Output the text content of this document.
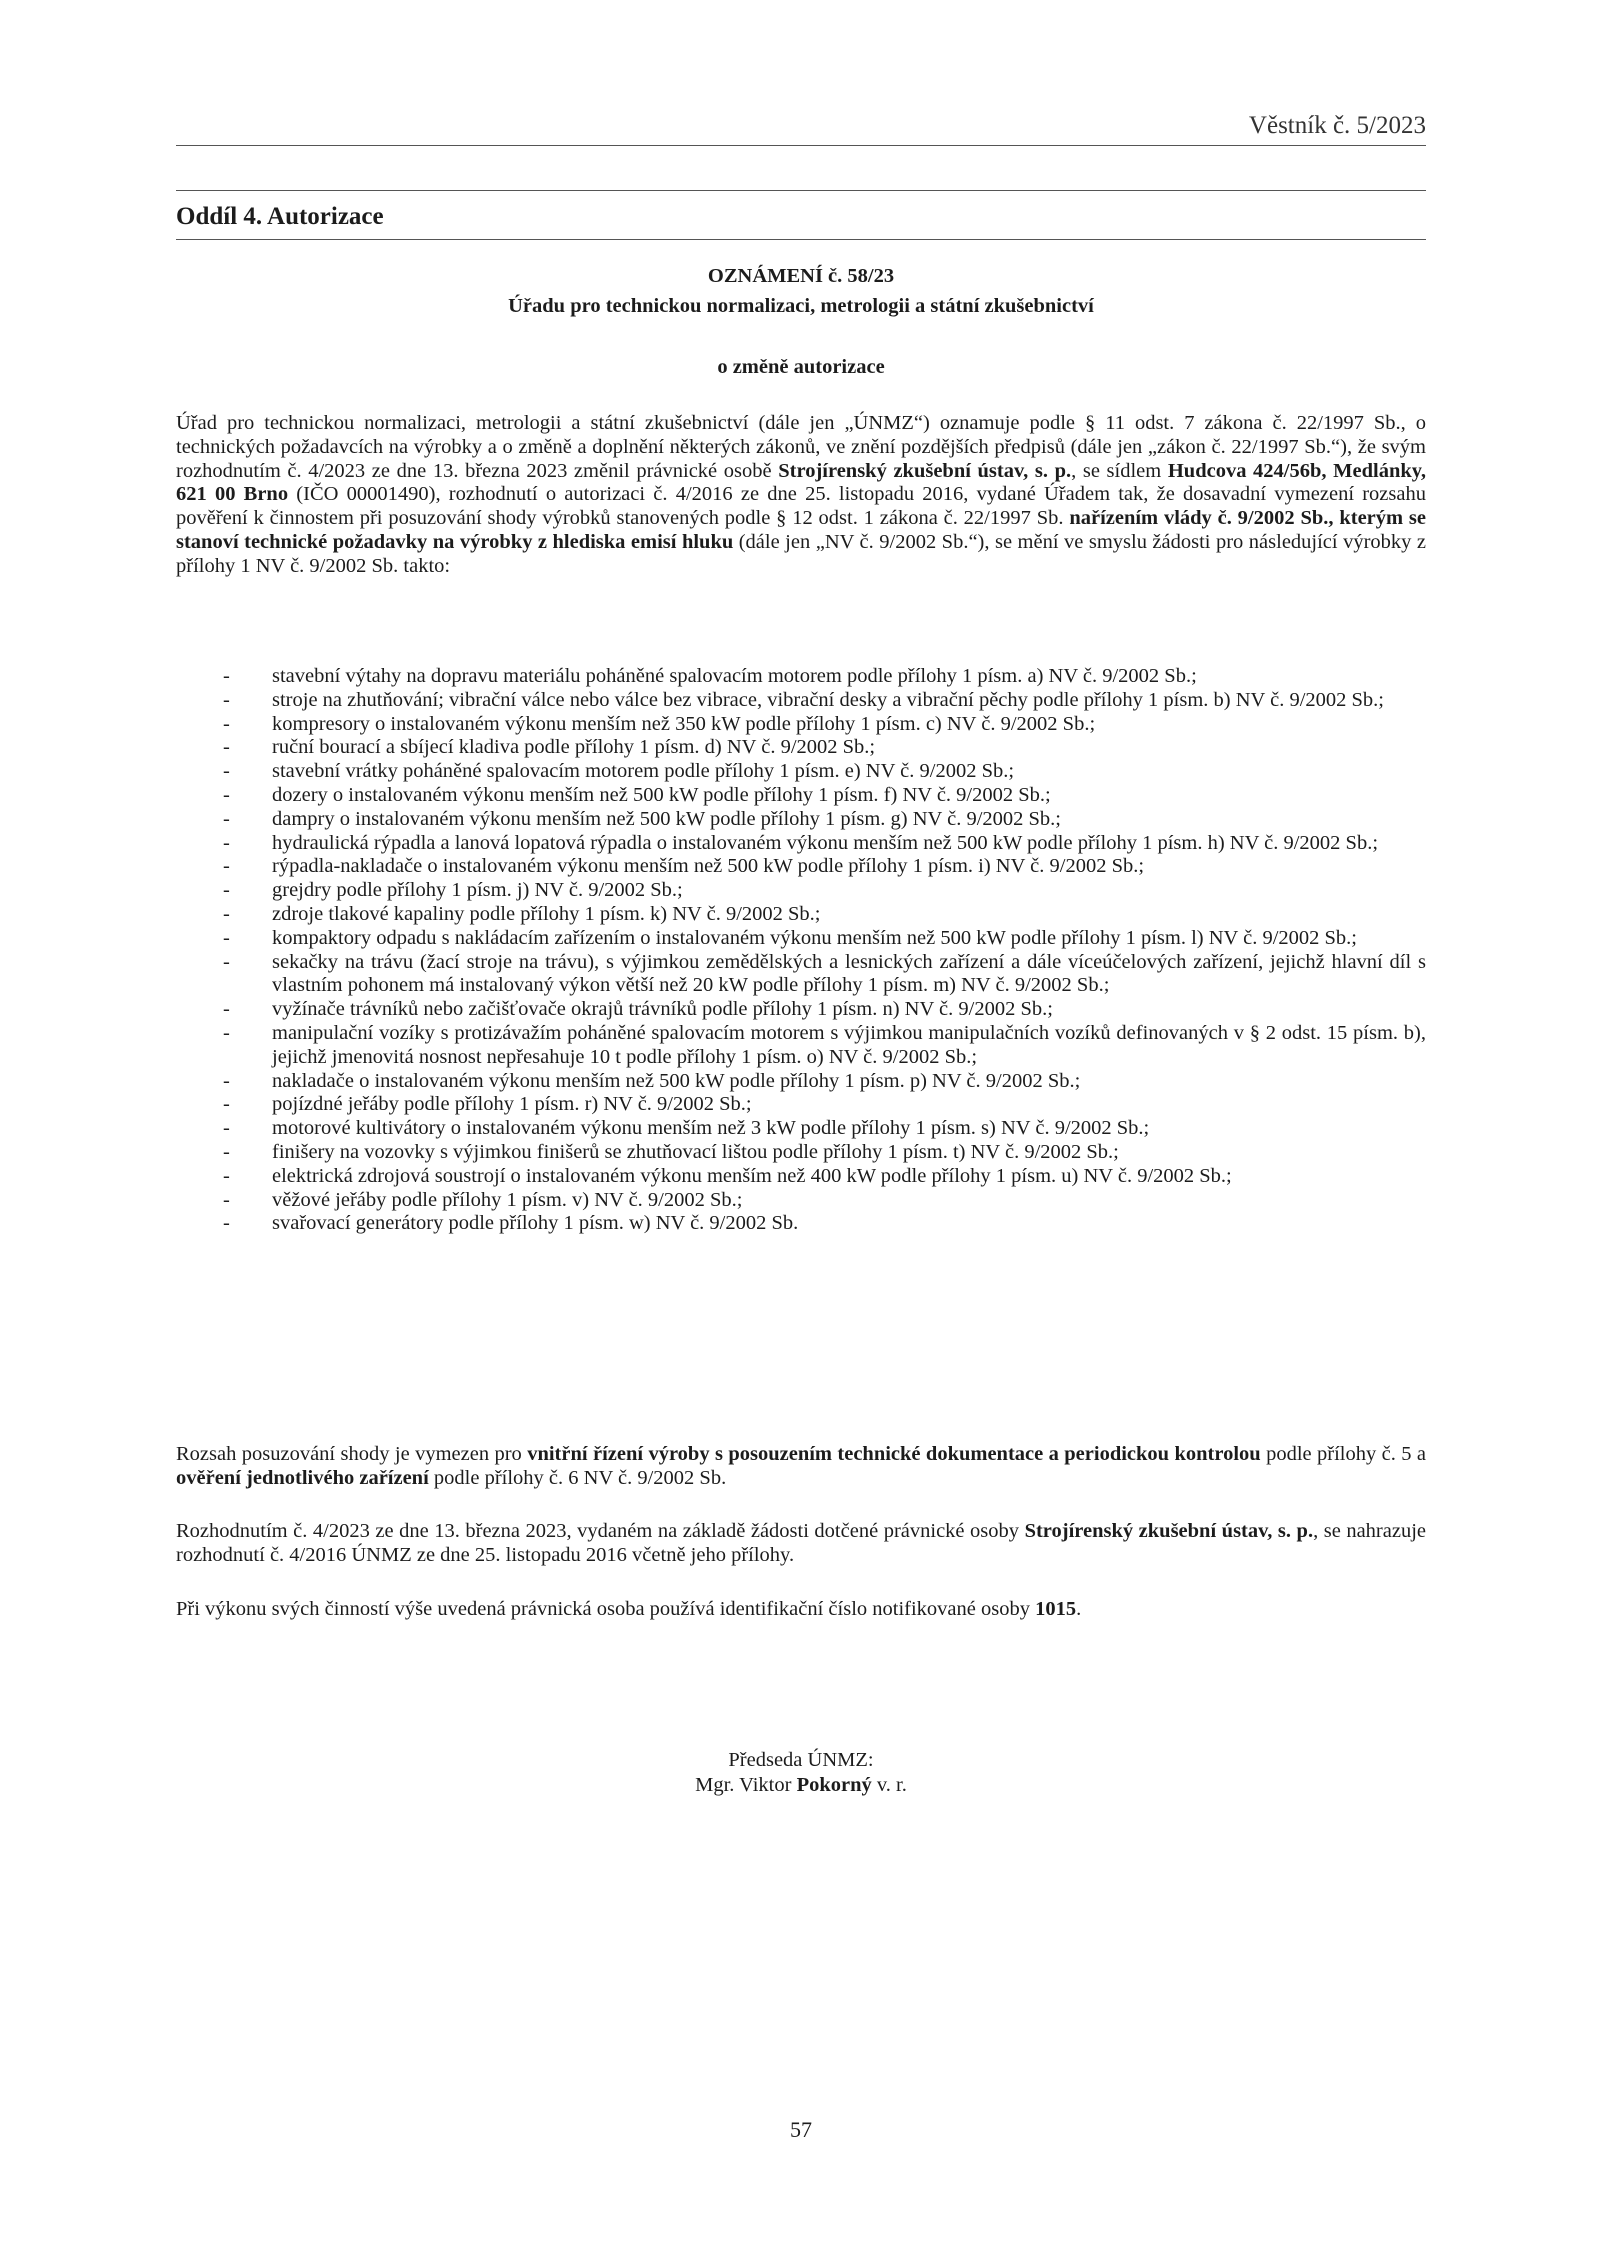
Věstník č. 5/2023
Oddíl 4. Autorizace
OZNÁMENÍ č. 58/23
Úřadu pro technickou normalizaci, metrologii a státní zkušebnictví
o změně autorizace

Úřad pro technickou normalizaci, metrologii a státní zkušebnictví (dále jen „ÚNMZ“) oznamuje podle § 11 odst. 7 zákona č. 22/1997 Sb., o technických požadavcích na výrobky a o změně a doplnění některých zákonů, ve znění pozdějších předpisů (dále jen „zákon č. 22/1997 Sb.“), že svým rozhodnutím č. 4/2023 ze dne 13. března 2023 změnil právnické osobě Strojírenský zkušební ústav, s. p., se sídlem Hudcova 424/56b, Medlánky, 621 00 Brno (IČO 00001490), rozhodnutí o autorizaci č. 4/2016 ze dne 25. listopadu 2016, vydané Úřadem tak, že dosavadní vymezení rozsahu pověření k činnostem při posuzování shody výrobků stanovených podle § 12 odst. 1 zákona č. 22/1997 Sb. nařízením vlády č. 9/2002 Sb., kterým se stanoví technické požadavky na výrobky z hlediska emisí hluku (dále jen „NV č. 9/2002 Sb.“), se mění ve smyslu žádosti pro následující výrobky z přílohy 1 NV č. 9/2002 Sb. takto:

- stavební výtahy na dopravu materiálu poháněné spalovacím motorem podle přílohy 1 písm. a) NV č. 9/2002 Sb.;
- stroje na zhutňování; vibrační válce nebo válce bez vibrace, vibrační desky a vibrační pěchy podle přílohy 1 písm. b) NV č. 9/2002 Sb.;
- kompresory o instalovaném výkonu menším než 350 kW podle přílohy 1 písm. c) NV č. 9/2002 Sb.;
- ruční bourací a sbíjecí kladiva podle přílohy 1 písm. d) NV č. 9/2002 Sb.;
- stavební vrátky poháněné spalovacím motorem podle přílohy 1 písm. e) NV č. 9/2002 Sb.;
- dozery o instalovaném výkonu menším než 500 kW podle přílohy 1 písm. f) NV č. 9/2002 Sb.;
- dampry o instalovaném výkonu menším než 500 kW podle přílohy 1 písm. g) NV č. 9/2002 Sb.;
- hydraulická rýpadla a lanová lopatová rýpadla o instalovaném výkonu menším než 500 kW podle přílohy 1 písm. h) NV č. 9/2002 Sb.;
- rýpadla-nakladače o instalovaném výkonu menším než 500 kW podle přílohy 1 písm. i) NV č. 9/2002 Sb.;
- grejdry podle přílohy 1 písm. j) NV č. 9/2002 Sb.;
- zdroje tlakové kapaliny podle přílohy 1 písm. k) NV č. 9/2002 Sb.;
- kompaktory odpadu s nakládacím zařízením o instalovaném výkonu menším než 500 kW podle přílohy 1 písm. l) NV č. 9/2002 Sb.;
- sekačky na trávu (žací stroje na trávu), s výjimkou zemědělských a lesnických zařízení a dále víceúčelových zařízení, jejichž hlavní díl s vlastním pohonem má instalovaný výkon větší než 20 kW podle přílohy 1 písm. m) NV č. 9/2002 Sb.;
- vyžínače trávníků nebo začišťovače okrajů trávníků podle přílohy 1 písm. n) NV č. 9/2002 Sb.;
- manipulační vozíky s protizávažím poháněné spalovacím motorem s výjimkou manipulačních vozíků definovaných v § 2 odst. 15 písm. b), jejichž jmenovitá nosnost nepřesahuje 10 t podle přílohy 1 písm. o) NV č. 9/2002 Sb.;
- nakladače o instalovaném výkonu menším než 500 kW podle přílohy 1 písm. p) NV č. 9/2002 Sb.;
- pojízdné jeřáby podle přílohy 1 písm. r) NV č. 9/2002 Sb.;
- motorové kultivátory o instalovaném výkonu menším než 3 kW podle přílohy 1 písm. s) NV č. 9/2002 Sb.;
- finišery na vozovky s výjimkou finišerů se zhutňovací lištou podle přílohy 1 písm. t) NV č. 9/2002 Sb.;
- elektrická zdrojová soustrojí o instalovaném výkonu menším než 400 kW podle přílohy 1 písm. u) NV č. 9/2002 Sb.;
- věžové jeřáby podle přílohy 1 písm. v) NV č. 9/2002 Sb.;
- svařovací generátory podle přílohy 1 písm. w) NV č. 9/2002 Sb.

Rozsah posuzování shody je vymezen pro vnitřní řízení výroby s posouzením technické dokumentace a periodickou kontrolou podle přílohy č. 5 a ověření jednotlivého zařízení podle přílohy č. 6 NV č. 9/2002 Sb.

Rozhodnutím č. 4/2023 ze dne 13. března 2023, vydaném na základě žádosti dotčené právnické osoby Strojírenský zkušební ústav, s. p., se nahrazuje rozhodnutí č. 4/2016 ÚNMZ ze dne 25. listopadu 2016 včetně jeho přílohy.

Při výkonu svých činností výše uvedená právnická osoba používá identifikační číslo notifikované osoby 1015.

Předseda ÚNMZ:
Mgr. Viktor Pokorný v. r.
57
